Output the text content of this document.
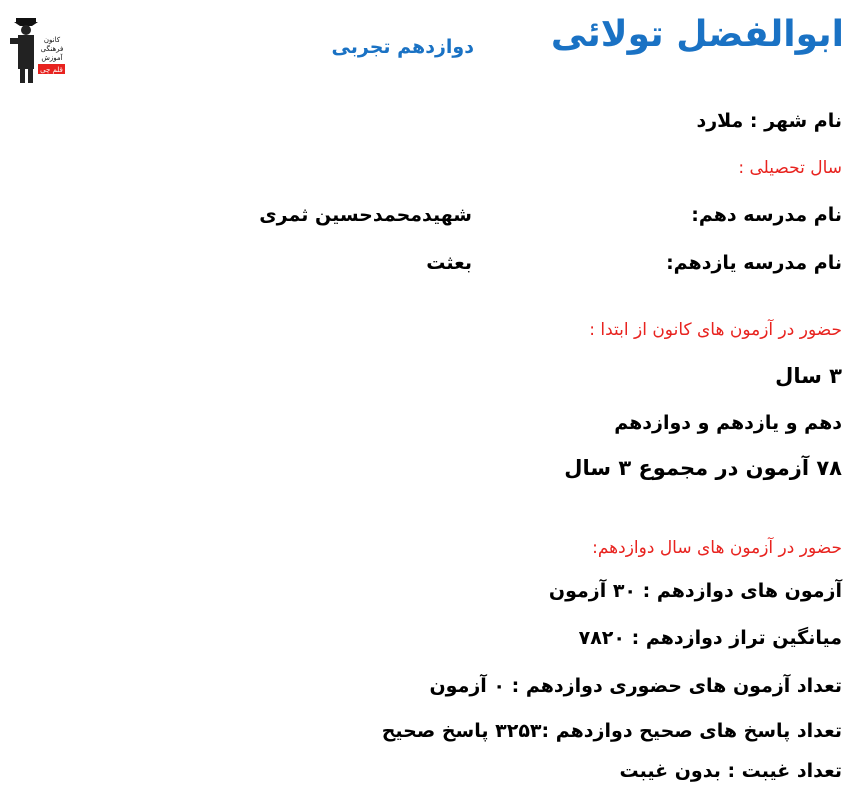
ابوالفضل تولائی
دوازدهم تجربی
کانون
فرهنگی
آموزش
قلم چی
نام شهر : ملارد
سال تحصیلی :
نام مدرسه دهم:
شهیدمحمدحسین ثمری
نام مدرسه یازدهم:
بعثت
حضور در آزمون های کانون از ابتدا :
۳ سال
دهم و یازدهم و دوازدهم
۷۸ آزمون در مجموع ۳ سال
حضور در آزمون های سال دوازدهم:
آزمون های دوازدهم : ۳۰ آزمون
میانگین تراز دوازدهم : ۷۸۲۰
تعداد آزمون های حضوری دوازدهم : ۰ آزمون
تعداد پاسخ های صحیح دوازدهم :۳۲۵۳ پاسخ صحیح
تعداد غیبت : بدون غیبت
